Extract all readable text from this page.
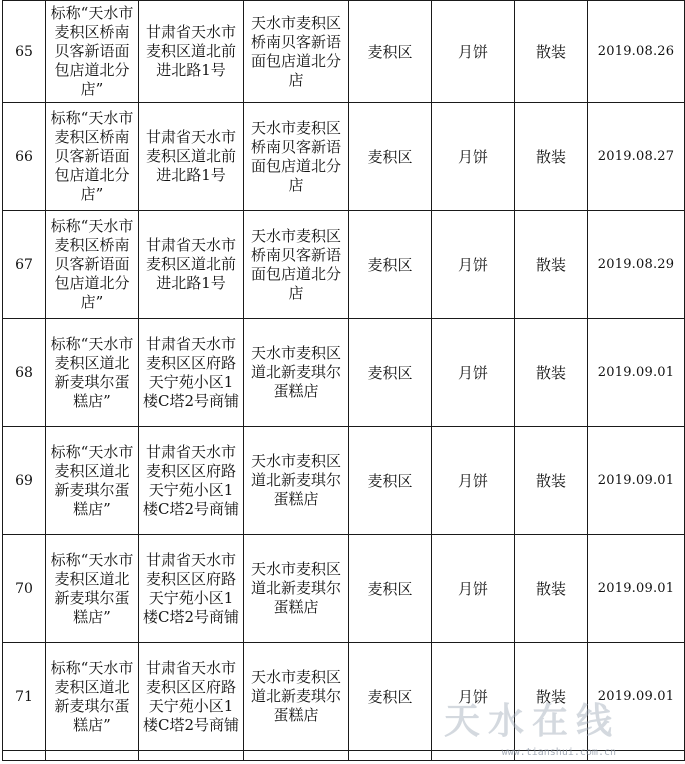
65	标称“天水市麦积区桥南贝客新语面包店道北分店”	甘肃省天水市麦积区道北前进北路1号	天水市麦积区桥南贝客新语面包店道北分店	麦积区	月饼	散装	2019.08.26
66	标称“天水市麦积区桥南贝客新语面包店道北分店”	甘肃省天水市麦积区道北前进北路1号	天水市麦积区桥南贝客新语面包店道北分店	麦积区	月饼	散装	2019.08.27
67	标称“天水市麦积区桥南贝客新语面包店道北分店”	甘肃省天水市麦积区道北前进北路1号	天水市麦积区桥南贝客新语面包店道北分店	麦积区	月饼	散装	2019.08.29
68	标称“天水市麦积区道北新麦琪尔蛋糕店”	甘肃省天水市麦积区区府路天宁苑小区1楼C塔2号商铺	天水市麦积区道北新麦琪尔蛋糕店	麦积区	月饼	散装	2019.09.01
69	标称“天水市麦积区道北新麦琪尔蛋糕店”	甘肃省天水市麦积区区府路天宁苑小区1楼C塔2号商铺	天水市麦积区道北新麦琪尔蛋糕店	麦积区	月饼	散装	2019.09.01
70	标称“天水市麦积区道北新麦琪尔蛋糕店”	甘肃省天水市麦积区区府路天宁苑小区1楼C塔2号商铺	天水市麦积区道北新麦琪尔蛋糕店	麦积区	月饼	散装	2019.09.01
71	标称“天水市麦积区道北新麦琪尔蛋糕店”	甘肃省天水市麦积区区府路天宁苑小区1楼C塔2号商铺	天水市麦积区道北新麦琪尔蛋糕店	麦积区	月饼	散装	2019.09.01

天水在线
www.tianshui.com.cn
